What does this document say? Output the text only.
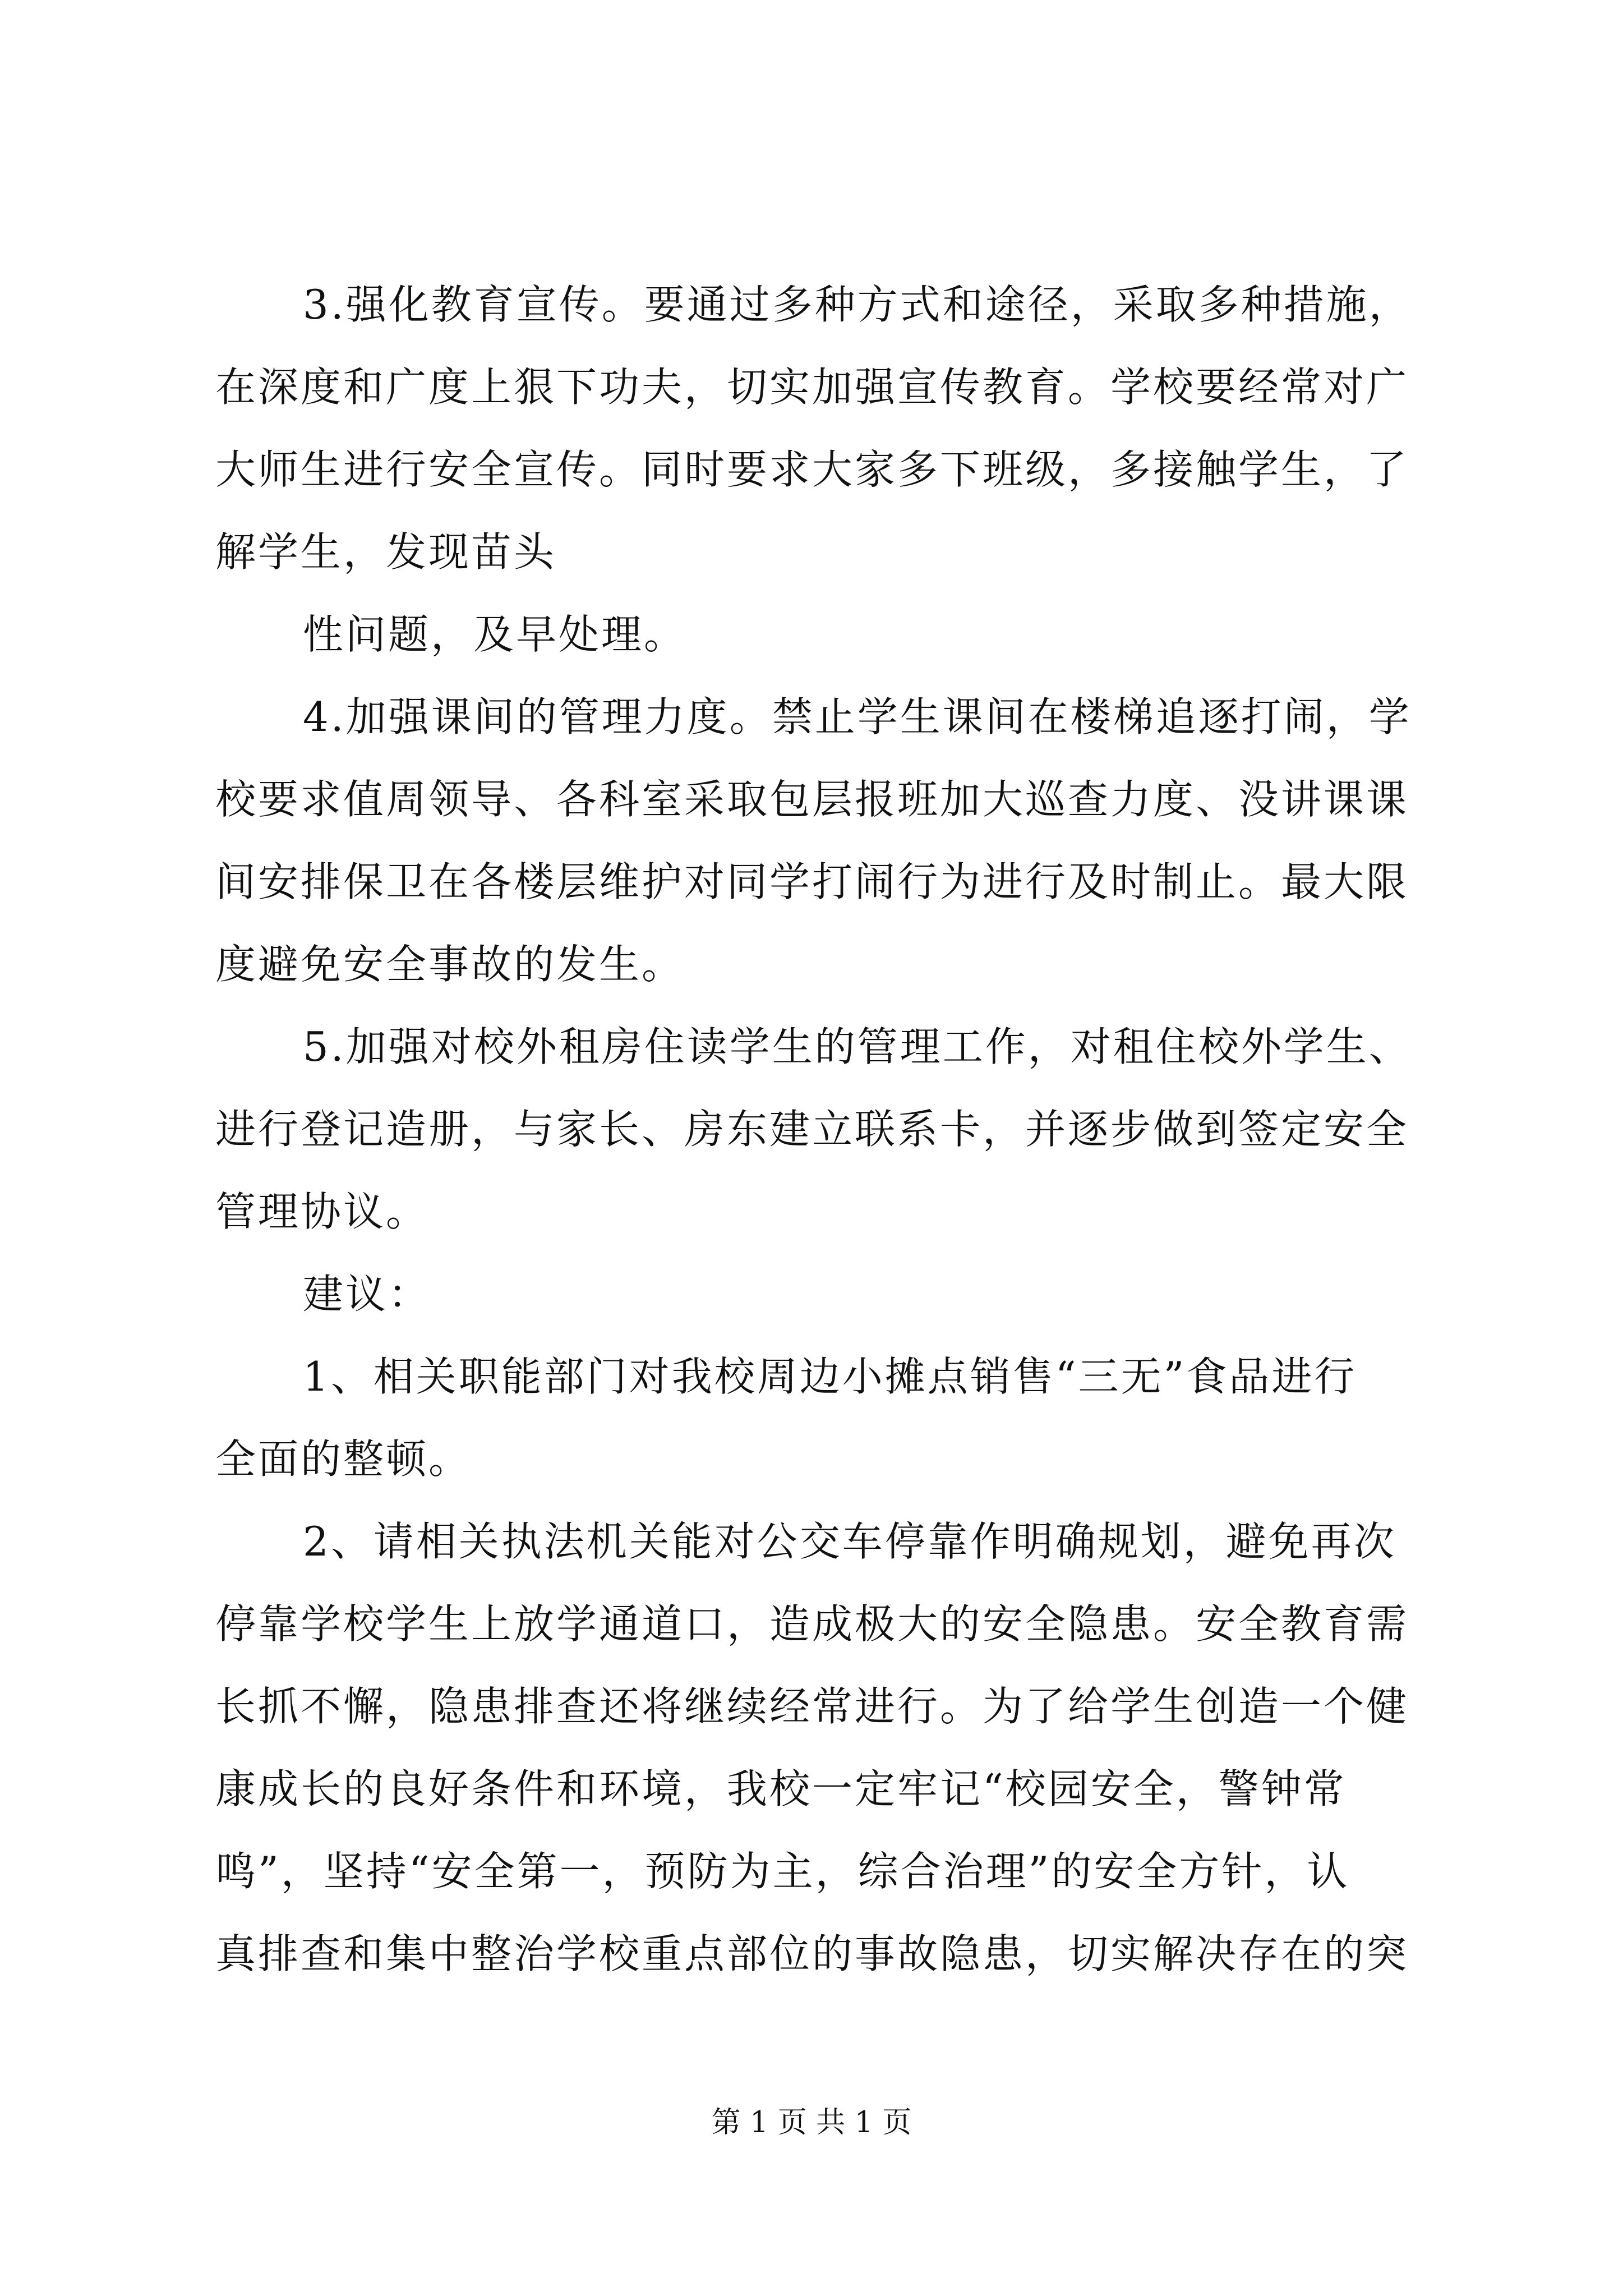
3.强化教育宣传。要通过多种方式和途径，采取多种措施，
在深度和广度上狠下功夫，切实加强宣传教育。学校要经常对广
大师生进行安全宣传。同时要求大家多下班级，多接触学生，了
解学生，发现苗头
性问题，及早处理。
4.加强课间的管理力度。禁止学生课间在楼梯追逐打闹，学
校要求值周领导、各科室采取包层报班加大巡查力度、没讲课课
间安排保卫在各楼层维护对同学打闹行为进行及时制止。最大限
度避免安全事故的发生。
5.加强对校外租房住读学生的管理工作，对租住校外学生、
进行登记造册，与家长、房东建立联系卡，并逐步做到签定安全
管理协议。
建议：
1、相关职能部门对我校周边小摊点销售“三无”食品进行
全面的整顿。
2、请相关执法机关能对公交车停靠作明确规划，避免再次
停靠学校学生上放学通道口，造成极大的安全隐患。安全教育需
长抓不懈，隐患排查还将继续经常进行。为了给学生创造一个健
康成长的良好条件和环境，我校一定牢记“校园安全，警钟常
鸣”，坚持“安全第一，预防为主，综合治理”的安全方针，认
真排查和集中整治学校重点部位的事故隐患，切实解决存在的突
第 1 页 共 1 页
